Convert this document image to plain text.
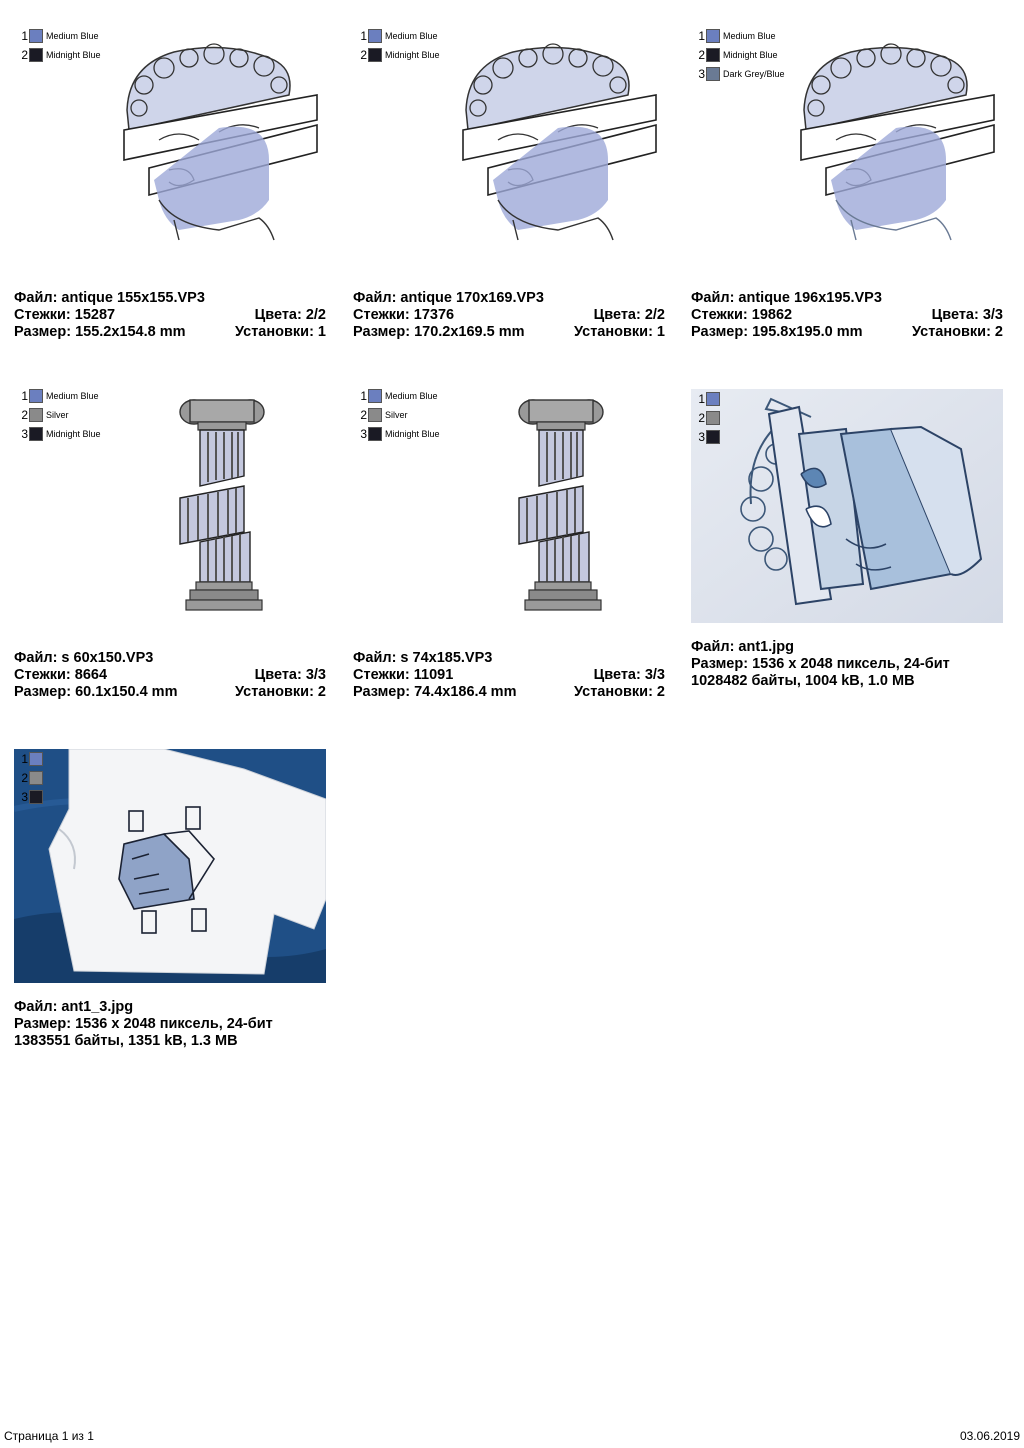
1 Medium Blue
2 Midnight Blue
Файл: antique 155x155.VP3
Стежки: 15287	Цвета: 2/2
Размер: 155.2x154.8 mm	Установки: 1
1 Medium Blue
2 Midnight Blue
Файл: antique 170x169.VP3
Стежки: 17376	Цвета: 2/2
Размер: 170.2x169.5 mm	Установки: 1
1 Medium Blue
2 Midnight Blue
3 Dark Grey/Blue
Файл: antique 196x195.VP3
Стежки: 19862	Цвета: 3/3
Размер: 195.8x195.0 mm	Установки: 2
1 Medium Blue
2 Silver
3 Midnight Blue
Файл: s 60x150.VP3
Стежки: 8664	Цвета: 3/3
Размер: 60.1x150.4 mm	Установки: 2
1 Medium Blue
2 Silver
3 Midnight Blue
Файл: s 74x185.VP3
Стежки: 11091	Цвета: 3/3
Размер: 74.4x186.4 mm	Установки: 2
1
2
3
Файл: ant1.jpg
Размер: 1536 x 2048 пиксель, 24-бит
1028482 байты, 1004 kB, 1.0 MB
1
2
3
Файл: ant1_3.jpg
Размер: 1536 x 2048 пиксель, 24-бит
1383551 байты, 1351 kB, 1.3 MB
Страница 1 из 1	03.06.2019
